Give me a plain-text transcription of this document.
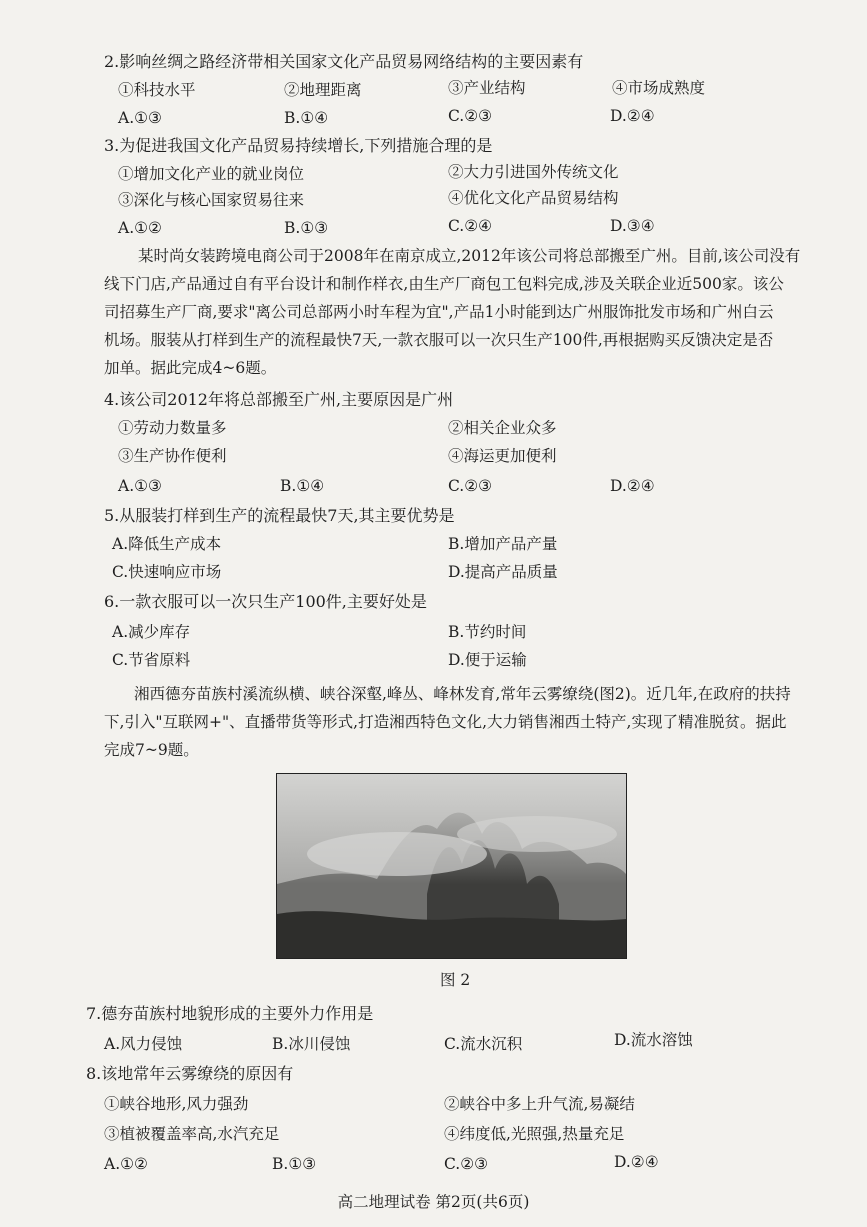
2.影响丝绸之路经济带相关国家文化产品贸易网络结构的主要因素有
①科技水平	②地理距离	③产业结构	④市场成熟度
A.①③	B.①④	C.②③	D.②④
3.为促进我国文化产品贸易持续增长,下列措施合理的是
①增加文化产业的就业岗位	②大力引进国外传统文化
③深化与核心国家贸易往来	④优化文化产品贸易结构
A.①②	B.①③	C.②④	D.③④
某时尚女装跨境电商公司于2008年在南京成立,2012年该公司将总部搬至广州。目前,该公司没有
线下门店,产品通过自有平台设计和制作样衣,由生产厂商包工包料完成,涉及关联企业近500家。该公
司招募生产厂商,要求"离公司总部两小时车程为宜",产品1小时能到达广州服饰批发市场和广州白云
机场。服装从打样到生产的流程最快7天,一款衣服可以一次只生产100件,再根据购买反馈决定是否
加单。据此完成4~6题。
4.该公司2012年将总部搬至广州,主要原因是广州
①劳动力数量多	②相关企业众多
③生产协作便利	④海运更加便利
A.①③	B.①④	C.②③	D.②④
5.从服装打样到生产的流程最快7天,其主要优势是
A.降低生产成本	B.增加产品产量
C.快速响应市场	D.提高产品质量
6.一款衣服可以一次只生产100件,主要好处是
A.减少库存	B.节约时间
C.节省原料	D.便于运输
湘西德夯苗族村溪流纵横、峡谷深壑,峰丛、峰林发育,常年云雾缭绕(图2)。近几年,在政府的扶持
下,引入"互联网+"、直播带货等形式,打造湘西特色文化,大力销售湘西土特产,实现了精准脱贫。据此
完成7~9题。
图 2
7.德夯苗族村地貌形成的主要外力作用是
A.风力侵蚀	B.冰川侵蚀	C.流水沉积	D.流水溶蚀
8.该地常年云雾缭绕的原因有
①峡谷地形,风力强劲	②峡谷中多上升气流,易凝结
③植被覆盖率高,水汽充足	④纬度低,光照强,热量充足
A.①②	B.①③	C.②③	D.②④
高二地理试卷 第2页(共6页)
